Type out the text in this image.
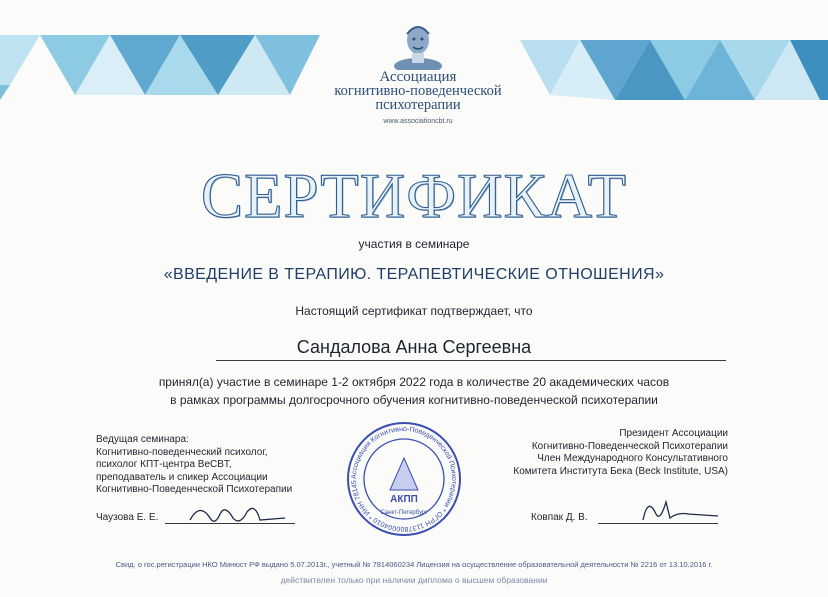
Ассоциация
когнитивно-поведенческой
психотерапии
www.associationcbt.ru
СЕРТИФИКАТ
участия в семинаре
«ВВЕДЕНИЕ В ТЕРАПИЮ. ТЕРАПЕВТИЧЕСКИЕ ОТНОШЕНИЯ»
Настоящий сертификат подтверждает, что
Сандалова Анна Сергеевна
принял(а) участие в семинаре 1-2 октября 2022 года в количестве 20 академических часов
в рамках программы долгосрочного обучения когнитивно-поведенческой психотерапии
Ведущая семинара:
Когнитивно-поведенческий психолог,
психолог КПТ-центра BeCBT,
преподаватель и спикер Ассоциации
Когнитивно-Поведенческой Психотерапии
Чаузова Е. Е.
Ассоциация Когнитивно-Поведенческой Психотерапии * ОГРН 1137800004010 * ИНН 78145
АКПП
Санкт-Петербург
Президент Ассоциации
Когнитивно-Поведенческой Психотерапии
Член Международного Консультативного
Комитета Института Бека (Beck Institute, USA)
Ковпак Д. В.
Свид. о гос.регистрации НКО Минюст РФ выдано 5.07.2013г., учетный № 7814060234 Лицензия на осуществление образовательной деятельности № 2216 от 13.10.2016 г.
действителен только при наличии диплома о высшем образовании
